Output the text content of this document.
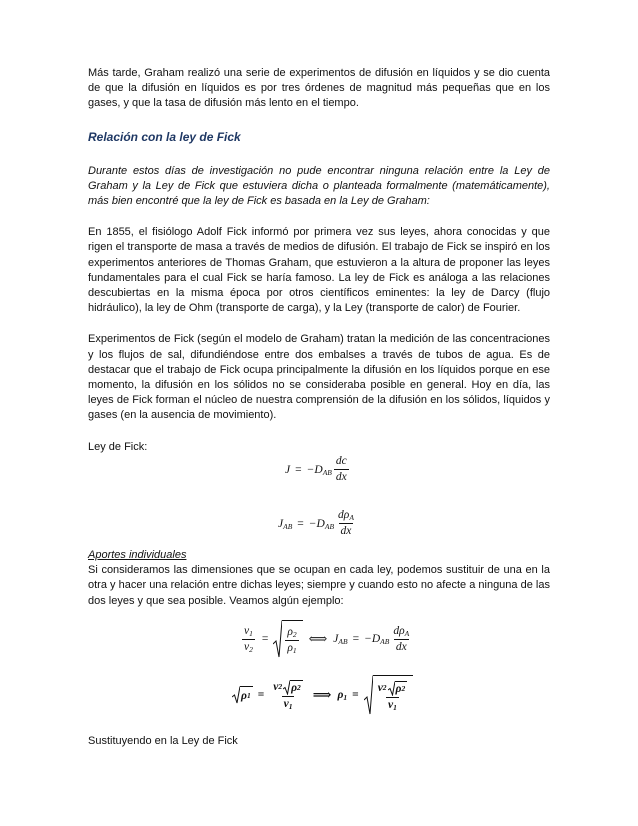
Más tarde, Graham realizó una serie de experimentos de difusión en líquidos y se dio cuenta de que la difusión en líquidos es por tres órdenes de magnitud más pequeñas que en los gases, y que la tasa de difusión más lento en el tiempo.

Relación con la ley de Fick

Durante estos días de investigación no pude encontrar ninguna relación entre la Ley de Graham y la Ley de Fick que estuviera dicha o planteada formalmente (matemáticamente), más bien encontré que la ley de Fick es basada en la Ley de Graham:

En 1855, el fisiólogo Adolf Fick informó por primera vez sus leyes, ahora conocidas y que rigen el transporte de masa a través de medios de difusión. El trabajo de Fick se inspiró en los experimentos anteriores de Thomas Graham, que estuvieron a la altura de proponer las leyes fundamentales para el cual Fick se haría famoso. La ley de Fick es análoga a las relaciones descubiertas en la misma época por otros científicos eminentes: la ley de Darcy (flujo hidráulico), la ley de Ohm (transporte de carga), y la Ley (transporte de calor) de Fourier.

Experimentos de Fick (según el modelo de Graham) tratan la medición de las concentraciones y los flujos de sal, difundiéndose entre dos embalses a través de tubos de agua. Es de destacar que el trabajo de Fick ocupa principalmente la difusión en los líquidos porque en ese momento, la difusión en los sólidos no se consideraba posible en general. Hoy en día, las leyes de Fick forman el núcleo de nuestra comprensión de la difusión en los sólidos, líquidos y gases (en la ausencia de movimiento).

Ley de Fick:

J = − $D_{AB} \frac{dc}{dx}$
$J_{AB}$ = − $D_{AB} \frac{d\rho_A}{dx}$

Aportes individuales

Si consideramos las dimensiones que se ocupan en cada ley, podemos sustituir de una en la otra y hacer una relación entre dichas leyes; siempre y cuando esto no afecte a ninguna de las dos leyes y que sea posible. Veamos algún ejemplo:

$\frac{v_1}{v_2} = \frac{\rho_2}{\rho_1}$ ⟺ $J_{AB}$ = − $D_{AB} \frac{d\rho_A}{dx}$
ρ $1 = \frac{v 2 \rho 2}{v_1}$ ⟹ $\rho_1$ =
v 2 ρ 2
$v_1$

Sustituyendo en la Ley de Fick
